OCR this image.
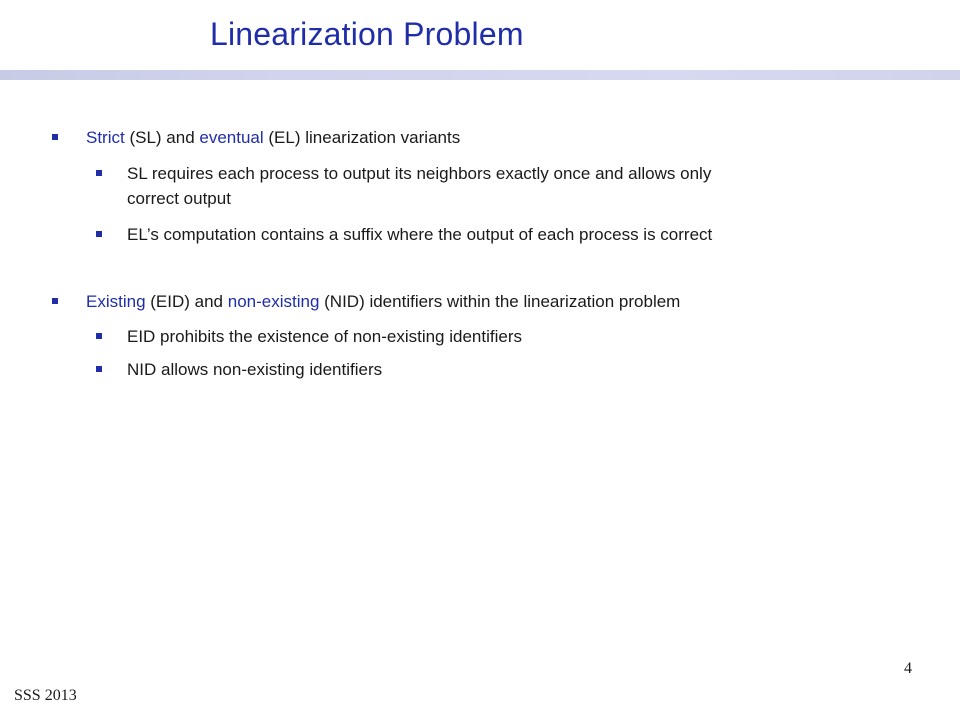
Linearization Problem

Strict (SL) and eventual (EL) linearization variants

SL requires each process to output its neighbors exactly once and allows only

correct output

EL’s computation contains a suffix where the output of each process is correct

Existing (EID) and non-existing (NID) identifiers within the linearization problem

EID prohibits the existence of non-existing identifiers

NID allows non-existing identifiers

4
SSS 2013
